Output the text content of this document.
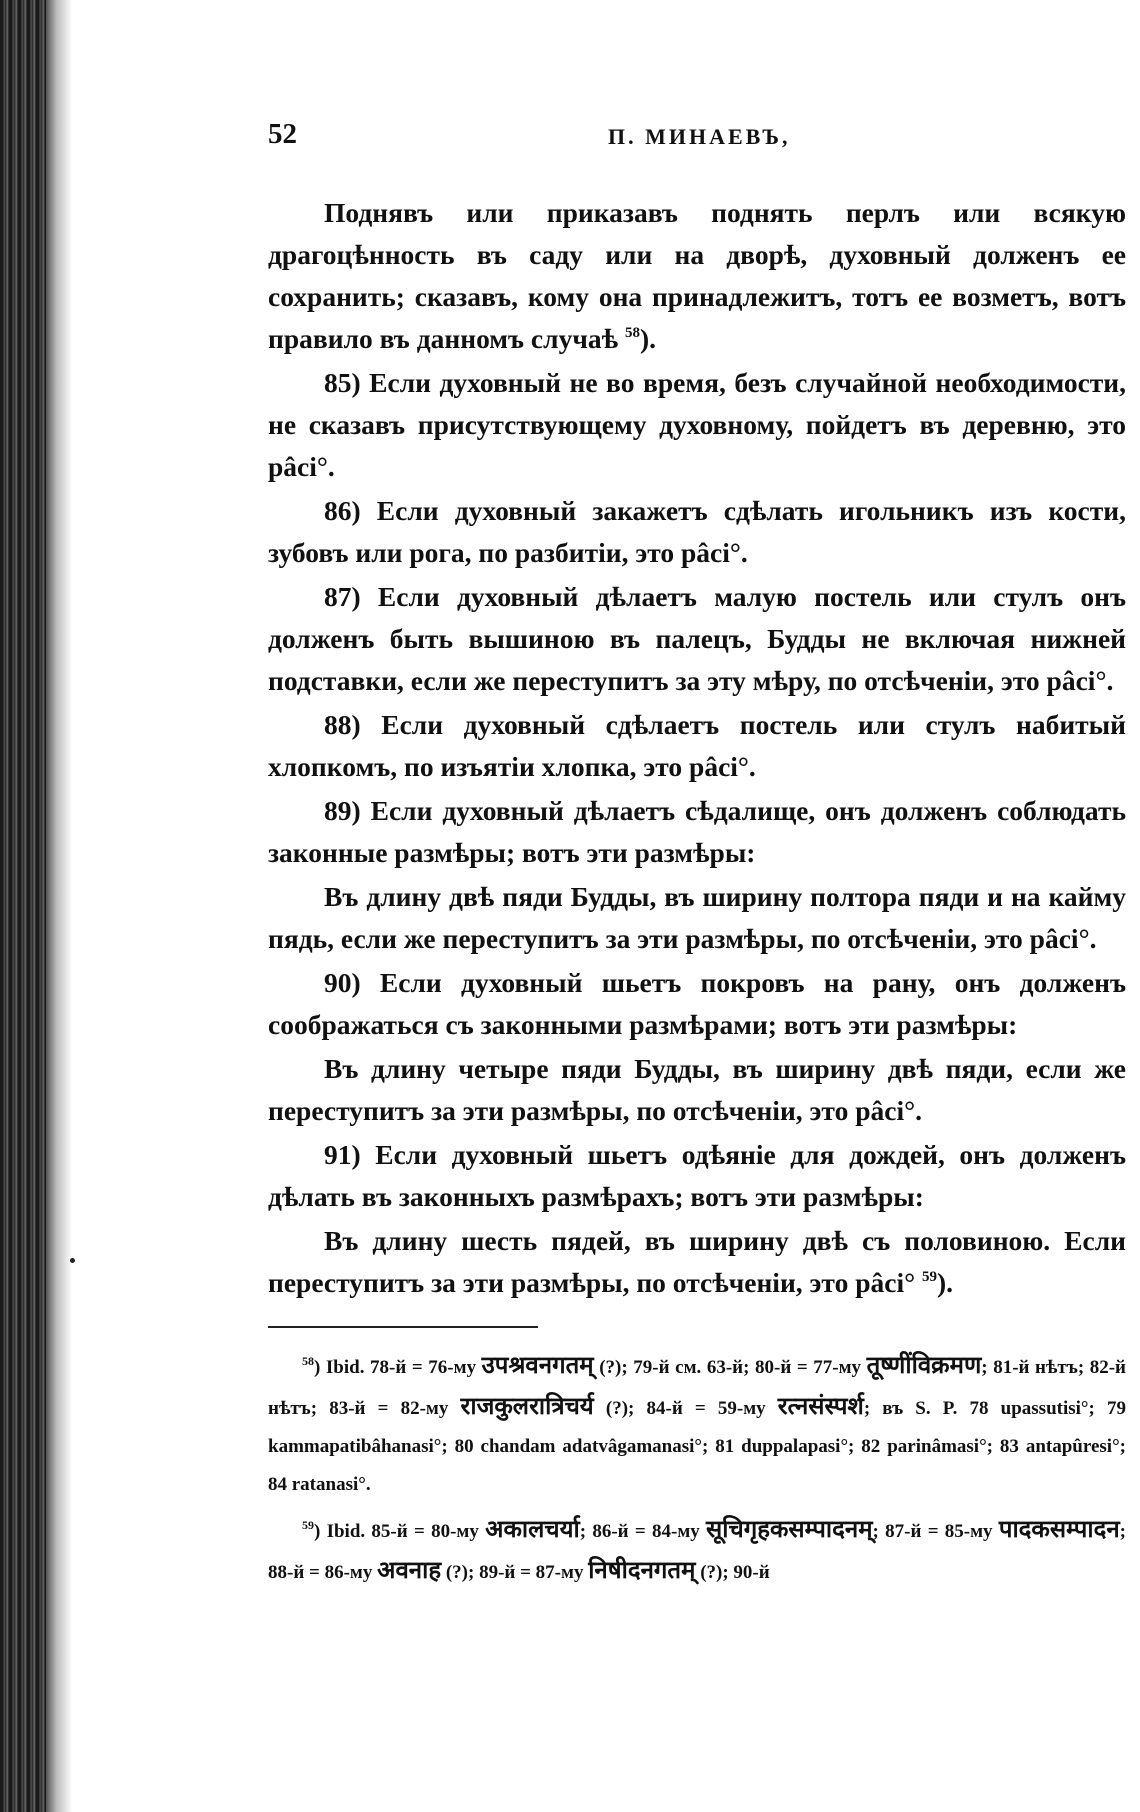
52	П. МИНАЕВЪ,

Поднявъ или приказавъ поднять перлъ или всякую драгоцѣнность въ саду или на дворѣ, духовный долженъ ее сохранить; сказавъ, кому она принадлежитъ, тотъ ее возметъ, вотъ правило въ данномъ случаѣ $^{58}$).

85) Если духовный не во время, безъ случайной необходимости, не сказавъ присутствующему духовному, пойдетъ въ деревню, это pâci°.

86) Если духовный закажетъ сдѣлать игольникъ изъ кости, зубовъ или рога, по разбитіи, это pâci°.

87) Если духовный дѣлаетъ малую постель или стулъ онъ долженъ быть вышиною въ палецъ, Будды не включая нижней подставки, если же переступитъ за эту мѣру, по отсѣченіи, это pâci°.

88) Если духовный сдѣлаетъ постель или стулъ набитый хлопкомъ, по изъятіи хлопка, это pâci°.

89) Если духовный дѣлаетъ сѣдалище, онъ долженъ соблюдать законные размѣры; вотъ эти размѣры:

Въ длину двѣ пяди Будды, въ ширину полтора пяди и на кайму пядь, если же переступитъ за эти размѣры, по отсѣченіи, это pâci°.

90) Если духовный шьетъ покровъ на рану, онъ долженъ соображаться съ законными размѣрами; вотъ эти размѣры:

Въ длину четыре пяди Будды, въ ширину двѣ пяди, если же переступитъ за эти размѣры, по отсѣченіи, это pâci°.

91) Если духовный шьетъ одѣяніе для дождей, онъ долженъ дѣлать въ законныхъ размѣрахъ; вотъ эти размѣры:

Въ длину шесть пядей, въ ширину двѣ съ половиною. Если переступитъ за эти размѣры, по отсѣченіи, это pâci° $^{59}$).

$^{58}$) Ibid. 78-й = 76-му उपश्रवनगतम् (?); 79-й см. 63-й; 80-й = 77-му तूष्णींविक्रमण; 81-й нѣтъ; 82-й нѣтъ; 83-й = 82-му राजकुलरात्रिचर्य (?); 84-й = 59-му रत्नसंस्पर्श; въ S. P. 78 upassutisi°; 79 kammapatibâhanasi°; 80 chandam adatvâgamanasi°; 81 duppalapasi°; 82 parinâmasi°; 83 antapûresi°; 84 ratanasi°.

$^{59}$) Ibid. 85-й = 80-му अकालचर्या; 86-й = 84-му सूचिगृहकसम्पादनम्; 87-й = 85-му पादकसम्पादन; 88-й = 86-му अवनाह (?); 89-й = 87-му निषीदनगतम् (?); 90-й
